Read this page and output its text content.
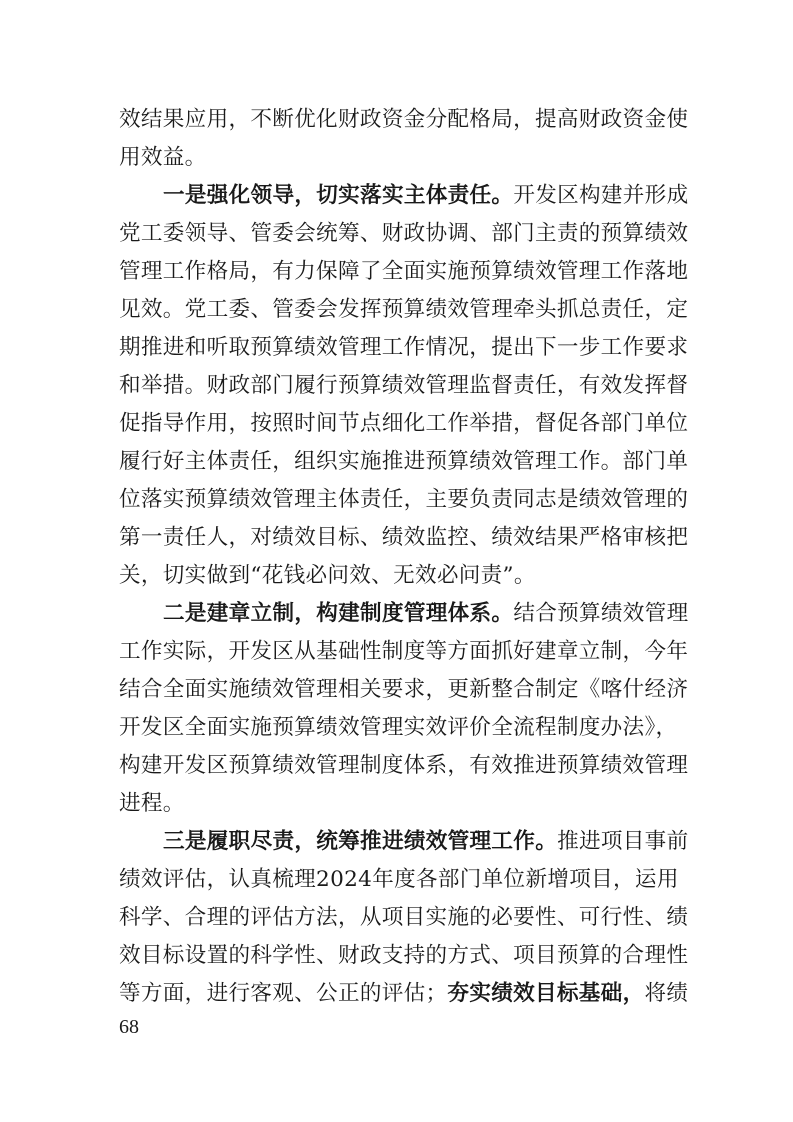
效结果应用，不断优化财政资金分配格局，提高财政资金使
用效益。
一是强化领导，切实落实主体责任。开发区构建并形成
党工委领导、管委会统筹、财政协调、部门主责的预算绩效
管理工作格局，有力保障了全面实施预算绩效管理工作落地
见效。党工委、管委会发挥预算绩效管理牵头抓总责任，定
期推进和听取预算绩效管理工作情况，提出下一步工作要求
和举措。财政部门履行预算绩效管理监督责任，有效发挥督
促指导作用，按照时间节点细化工作举措，督促各部门单位
履行好主体责任，组织实施推进预算绩效管理工作。部门单
位落实预算绩效管理主体责任，主要负责同志是绩效管理的
第一责任人，对绩效目标、绩效监控、绩效结果严格审核把
关，切实做到“花钱必问效、无效必问责”。
二是建章立制，构建制度管理体系。结合预算绩效管理
工作实际，开发区从基础性制度等方面抓好建章立制，今年
结合全面实施绩效管理相关要求，更新整合制定《喀什经济
开发区全面实施预算绩效管理实效评价全流程制度办法》，
构建开发区预算绩效管理制度体系，有效推进预算绩效管理
进程。
三是履职尽责，统筹推进绩效管理工作。推进项目事前
绩效评估，认真梳理2024年度各部门单位新增项目，运用
科学、合理的评估方法，从项目实施的必要性、可行性、绩
效目标设置的科学性、财政支持的方式、项目预算的合理性
等方面，进行客观、公正的评估；夯实绩效目标基础，将绩
68
